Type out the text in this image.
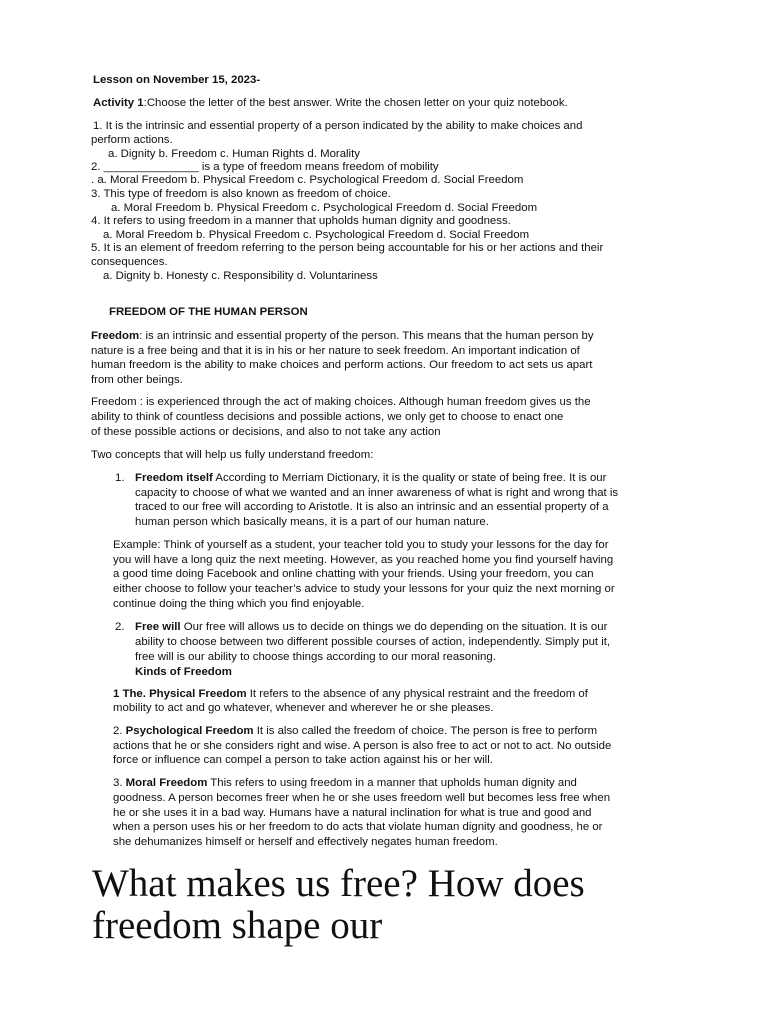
Lesson on November 15, 2023-
Activity 1:Choose the letter of the best answer. Write the chosen letter on your quiz notebook.
1. It is the intrinsic and essential property of a person indicated by the ability to make choices and
perform actions.
a. Dignity b. Freedom c. Human Rights d. Morality
2. _______________ is a type of freedom means freedom of mobility
. a. Moral Freedom b. Physical Freedom c. Psychological Freedom d. Social Freedom
3. This type of freedom is also known as freedom of choice.
a. Moral Freedom b. Physical Freedom c. Psychological Freedom d. Social Freedom
4. It refers to using freedom in a manner that upholds human dignity and goodness.
a. Moral Freedom b. Physical Freedom c. Psychological Freedom d. Social Freedom
5. It is an element of freedom referring to the person being accountable for his or her actions and their
consequences.
a. Dignity b. Honesty c. Responsibility d. Voluntariness
FREEDOM OF THE HUMAN PERSON
Freedom: is an intrinsic and essential property of the person. This means that the human person by
nature is a free being and that it is in his or her nature to seek freedom. An important indication of
human freedom is the ability to make choices and perform actions. Our freedom to act sets us apart
from other beings.
Freedom : is experienced through the act of making choices. Although human freedom gives us the
ability to think of countless decisions and possible actions, we only get to choose to enact one
of these possible actions or decisions, and also to not take any action
Two concepts that will help us fully understand freedom:
1. Freedom itself According to Merriam Dictionary, it is the quality or state of being free. It is our
capacity to choose of what we wanted and an inner awareness of what is right and wrong that is
traced to our free will according to Aristotle. It is also an intrinsic and an essential property of a
human person which basically means, it is a part of our human nature.
Example: Think of yourself as a student, your teacher told you to study your lessons for the day for
you will have a long quiz the next meeting. However, as you reached home you find yourself having
a good time doing Facebook and online chatting with your friends. Using your freedom, you can
either choose to follow your teacher’s advice to study your lessons for your quiz the next morning or
continue doing the thing which you find enjoyable.
2. Free will Our free will allows us to decide on things we do depending on the situation. It is our
ability to choose between two different possible courses of action, independently. Simply put it,
free will is our ability to choose things according to our moral reasoning.
Kinds of Freedom
1 The. Physical Freedom It refers to the absence of any physical restraint and the freedom of
mobility to act and go whatever, whenever and wherever he or she pleases.
2. Psychological Freedom It is also called the freedom of choice. The person is free to perform
actions that he or she considers right and wise. A person is also free to act or not to act. No outside
force or influence can compel a person to take action against his or her will.
3. Moral Freedom This refers to using freedom in a manner that upholds human dignity and
goodness. A person becomes freer when he or she uses freedom well but becomes less free when
he or she uses it in a bad way. Humans have a natural inclination for what is true and good and
when a person uses his or her freedom to do acts that violate human dignity and goodness, he or
she dehumanizes himself or herself and effectively negates human freedom.
What makes us free? How does
freedom shape our
